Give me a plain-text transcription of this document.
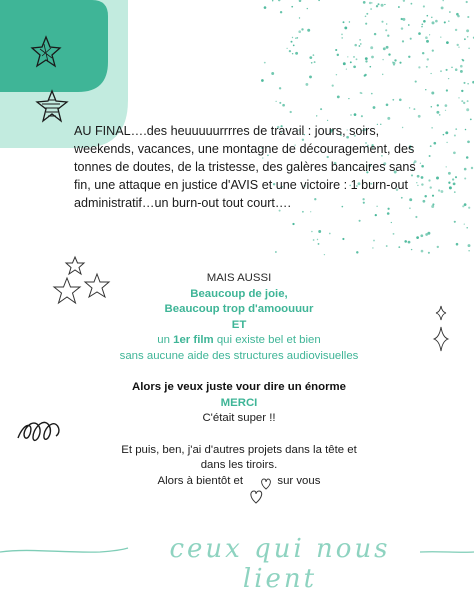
AU FINAL….des heuuuuurrrres de travail : jours, soirs, weekends, vacances, une montagne de découragement, des tonnes de doutes, de la tristesse, des galères bancaires sans fin, une attaque en justice d'AVIS et une victoire : 1 burn-out administratif…un burn-out tout court….
MAIS AUSSI
Beaucoup de joie,
Beaucoup trop d'amoouuur
ET
un 1er film qui existe bel et bien
sans aucune aide des structures audiovisuelles
Alors je veux juste vour dire un énorme
MERCI
C'était super !!
Et puis, ben, j'ai d'autres projets dans la tête et
dans les tiroirs.
Alors à bientôt et	sur vous
ceux qui nous lient
